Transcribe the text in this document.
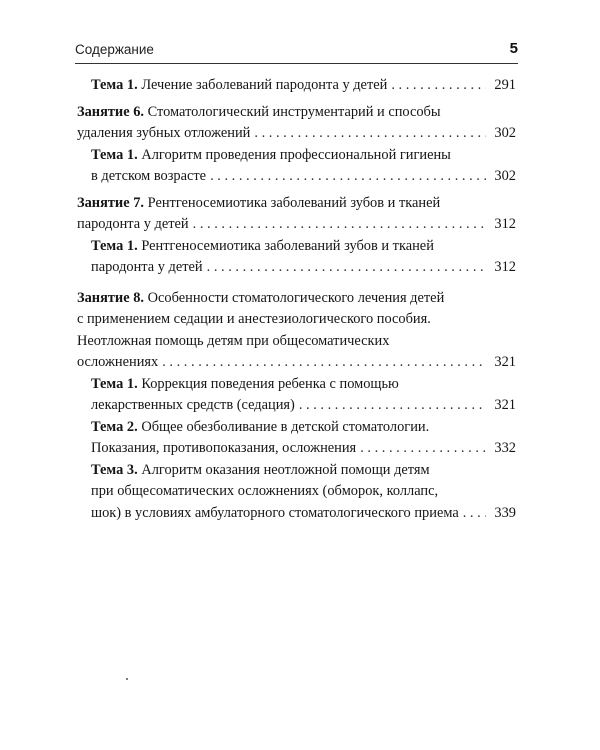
Содержание	5
Тема 1. Лечение заболеваний пародонта у детей . . .	291
Занятие 6. Стоматологический инструментарий и способы
удаления зубных отложений . . .	302
Тема 1. Алгоритм проведения профессиональной гигиены
в детском возрасте . . .	302
Занятие 7. Рентгеносемиотика заболеваний зубов и тканей
пародонта у детей . . .	312
Тема 1. Рентгеносемиотика заболеваний зубов и тканей
пародонта у детей . . .	312
Занятие 8. Особенности стоматологического лечения детей
с применением седации и анестезиологического пособия.
Неотложная помощь детям при общесоматических
осложнениях . . .	321
Тема 1. Коррекция поведения ребенка с помощью
лекарственных средств (седация) . . .	321
Тема 2. Общее обезболивание в детской стоматологии.
Показания, противопоказания, осложнения . . .	332
Тема 3. Алгоритм оказания неотложной помощи детям
при общесоматических осложнениях (обморок, коллапс,
шок) в условиях амбулаторного стоматологического приема . . .	339
